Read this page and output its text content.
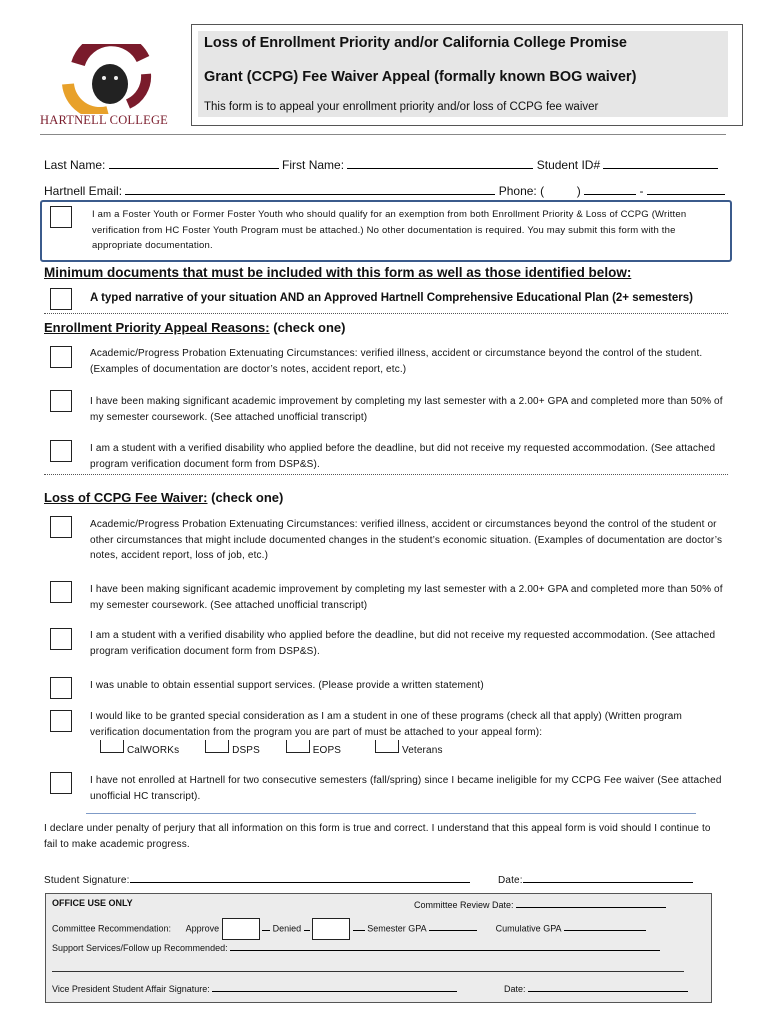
HARTNELL COLLEGE
Loss of Enrollment Priority and/or California College Promise
Grant (CCPG) Fee Waiver Appeal (formally known BOG waiver)
This form is to appeal your enrollment priority and/or loss of CCPG fee waiver
Last Name:	First Name:	Student ID#
Hartnell Email:	Phone: (	)	-
I am a Foster Youth or Former Foster Youth who should qualify for an exemption from both Enrollment Priority & Loss of CCPG (Written verification from HC Foster Youth Program must be attached.) No other documentation is required. You may submit this form with the appropriate documentation.
Minimum documents that must be included with this form as well as those identified below:
A typed narrative of your situation AND an Approved Hartnell Comprehensive Educational Plan (2+ semesters)
Enrollment Priority Appeal Reasons: (check one)
Academic/Progress Probation Extenuating Circumstances: verified illness, accident or circumstance beyond the control of the student. (Examples of documentation are doctor’s notes, accident report, etc.)
I have been making significant academic improvement by completing my last semester with a 2.00+ GPA and completed more than 50% of my semester coursework. (See attached unofficial transcript)
I am a student with a verified disability who applied before the deadline, but did not receive my requested accommodation. (See attached program verification document form from DSP&S).
Loss of CCPG Fee Waiver: (check one)
Academic/Progress Probation Extenuating Circumstances: verified illness, accident or circumstances beyond the control of the student or other circumstances that might include documented changes in the student’s economic situation. (Examples of documentation are doctor’s notes, accident report, loss of job, etc.)
I have been making significant academic improvement by completing my last semester with a 2.00+ GPA and completed more than 50% of my semester coursework. (See attached unofficial transcript)
I am a student with a verified disability who applied before the deadline, but did not receive my requested accommodation. (See attached program verification document form from DSP&S).
I was unable to obtain essential support services. (Please provide a written statement)
I would like to be granted special consideration as I am a student in one of these programs (check all that apply) (Written program verification documentation from the program you are part of must be attached to your appeal form):
CalWORKs	DSPS	EOPS	Veterans
I have not enrolled at Hartnell for two consecutive semesters (fall/spring) since I became ineligible for my CCPG Fee waiver (See attached unofficial HC transcript).
I declare under penalty of perjury that all information on this form is true and correct. I understand that this appeal form is void should I continue to fail to make academic progress.
Student Signature:	Date:
OFFICE USE ONLY	Committee Review Date:
Committee Recommendation: Approve	Denied	Semester GPA	Cumulative GPA
Support Services/Follow up Recommended:
Vice President Student Affair Signature:	Date:
